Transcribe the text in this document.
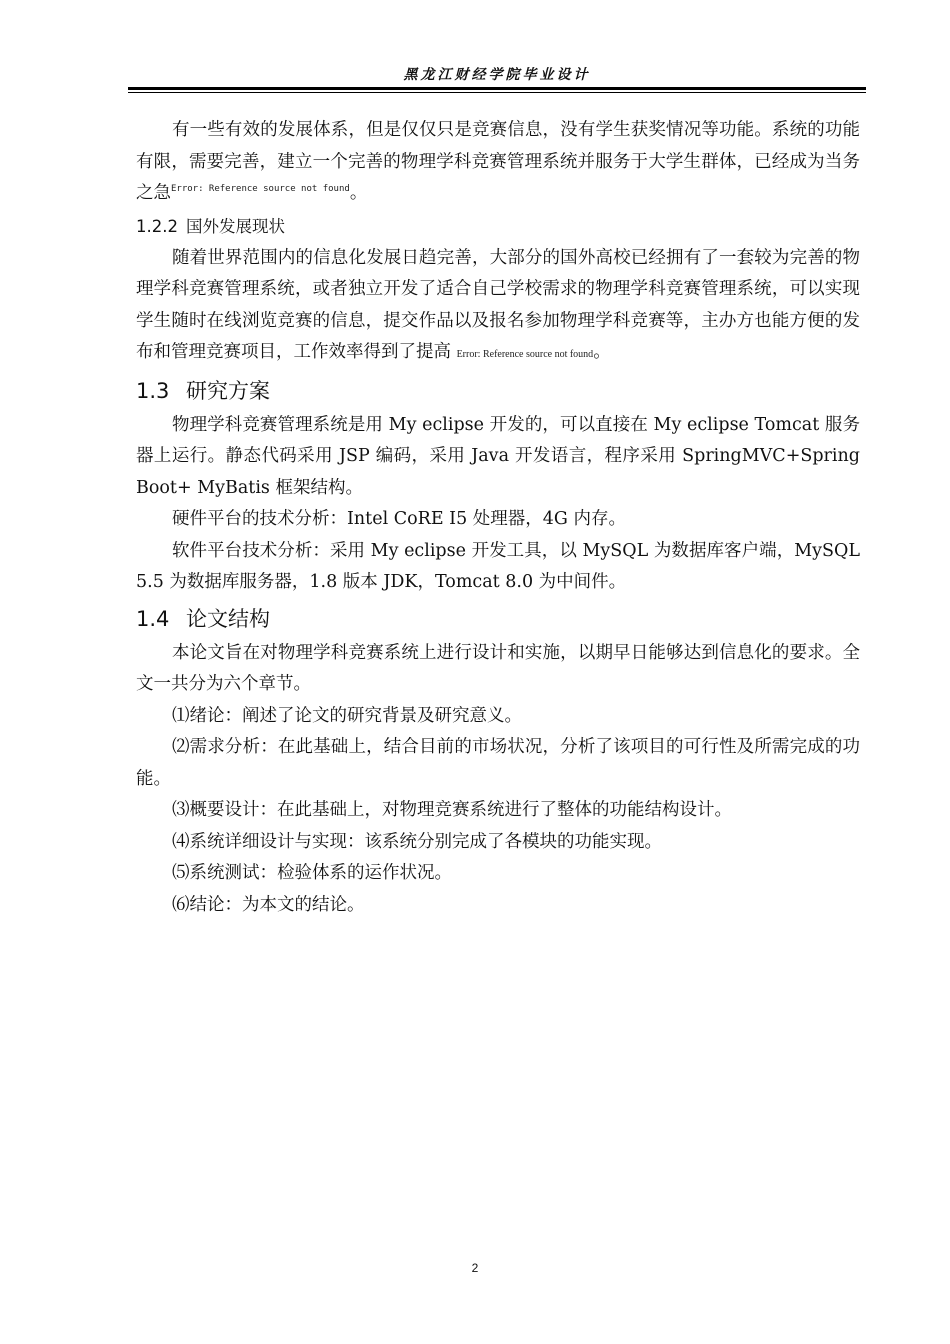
黑龙江财经学院毕业设计

有一些有效的发展体系，但是仅仅只是竞赛信息，没有学生获奖情况等功能。系统的功能有限，需要完善，建立一个完善的物理学科竞赛管理系统并服务于大学生群体，已经成为当务之急$^{Error: Reference source not found}$。

1.2.2 国外发展现状

随着世界范围内的信息化发展日趋完善，大部分的国外高校已经拥有了一套较为完善的物理学科竞赛管理系统，或者独立开发了适合自己学校需求的物理学科竞赛管理系统，可以实现学生随时在线浏览竞赛的信息，提交作品以及报名参加物理学科竞赛等，主办方也能方便的发布和管理竞赛项目，工作效率得到了提高 Error: Reference source not found。

1.3 研究方案

物理学科竞赛管理系统是用 My eclipse 开发的，可以直接在 My eclipse Tomcat 服务器上运行。静态代码采用 JSP 编码，采用 Java 开发语言，程序采用 SpringMVC+Spring Boot+ MyBatis 框架结构。

硬件平台的技术分析：Intel CoRE I5 处理器，4G 内存。

软件平台技术分析：采用 My eclipse 开发工具，以 MySQL 为数据库客户端，MySQL 5.5 为数据库服务器，1.8 版本 JDK，Tomcat 8.0 为中间件。

1.4 论文结构

本论文旨在对物理学科竞赛系统上进行设计和实施，以期早日能够达到信息化的要求。全文一共分为六个章节。

⑴绪论：阐述了论文的研究背景及研究意义。

⑵需求分析：在此基础上，结合目前的市场状况，分析了该项目的可行性及所需完成的功能。

⑶概要设计：在此基础上，对物理竞赛系统进行了整体的功能结构设计。

⑷系统详细设计与实现：该系统分别完成了各模块的功能实现。

⑸系统测试：检验体系的运作状况。

⑹结论：为本文的结论。

2
